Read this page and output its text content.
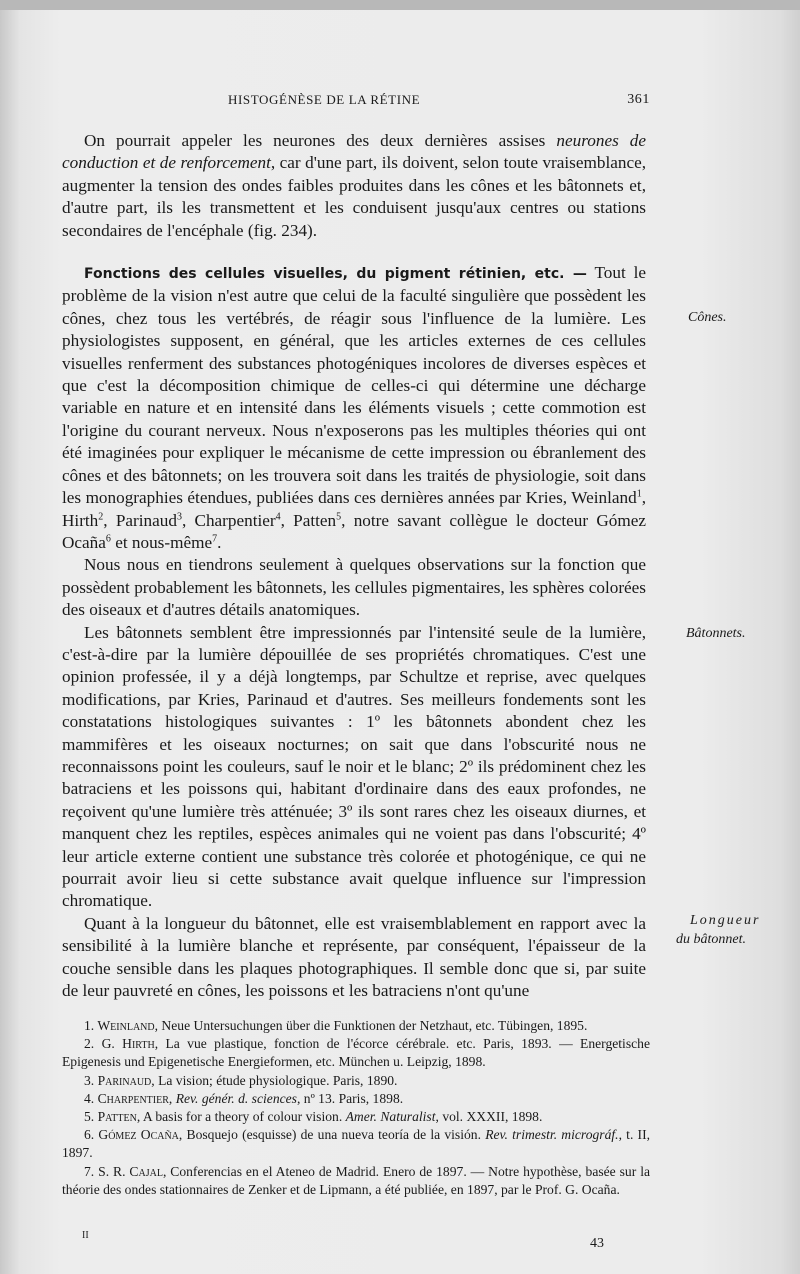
HISTOGÉNÈSE DE LA RÉTINE	361

On pourrait appeler les neurones des deux dernières assises neurones de conduction et de renforcement, car d'une part, ils doivent, selon toute vraisemblance, augmenter la tension des ondes faibles produites dans les cônes et les bâtonnets et, d'autre part, ils les transmettent et les conduisent jusqu'aux centres ou stations secondaires de l'encéphale (fig. 234).

Fonctions des cellules visuelles, du pigment rétinien, etc. — Tout le problème de la vision n'est autre que celui de la faculté singulière que possèdent les cônes, chez tous les vertébrés, de réagir sous l'influence de la lumière. Les physiologistes supposent, en général, que les articles externes de ces cellules visuelles renferment des substances photogéniques incolores de diverses espèces et que c'est la décomposition chimique de celles-ci qui détermine une décharge variable en nature et en intensité dans les éléments visuels ; cette commotion est l'origine du courant nerveux. Nous n'exposerons pas les multiples théories qui ont été imaginées pour expliquer le mécanisme de cette impression ou ébranlement des cônes et des bâtonnets; on les trouvera soit dans les traités de physiologie, soit dans les monographies étendues, publiées dans ces dernières années par Kries, Weinland$^1$, Hirth$^2$, Parinaud$^3$, Charpentier$^4$, Patten$^5$, notre savant collègue le docteur Gómez Ocaña$^6$ et nous-même$^7$.

Nous nous en tiendrons seulement à quelques observations sur la fonction que possèdent probablement les bâtonnets, les cellules pigmentaires, les sphères colorées des oiseaux et d'autres détails anatomiques.

Les bâtonnets semblent être impressionnés par l'intensité seule de la lumière, c'est-à-dire par la lumière dépouillée de ses propriétés chromatiques. C'est une opinion professée, il y a déjà longtemps, par Schultze et reprise, avec quelques modifications, par Kries, Parinaud et d'autres. Ses meilleurs fondements sont les constatations histologiques suivantes : 1º les bâtonnets abondent chez les mammifères et les oiseaux nocturnes; on sait que dans l'obscurité nous ne reconnaissons point les couleurs, sauf le noir et le blanc; 2º ils prédominent chez les batraciens et les poissons qui, habitant d'ordinaire dans des eaux profondes, ne reçoivent qu'une lumière très atténuée; 3º ils sont rares chez les oiseaux diurnes, et manquent chez les reptiles, espèces animales qui ne voient pas dans l'obscurité; 4º leur article externe contient une substance très colorée et photogénique, ce qui ne pourrait avoir lieu si cette substance avait quelque influence sur l'impression chromatique.

Quant à la longueur du bâtonnet, elle est vraisemblablement en rapport avec la sensibilité à la lumière blanche et représente, par conséquent, l'épaisseur de la couche sensible dans les plaques photographiques. Il semble donc que si, par suite de leur pauvreté en cônes, les poissons et les batraciens n'ont qu'une

Cônes.
Bâtonnets.
Longueur
du bâtonnet.

1. Weinland, Neue Untersuchungen über die Funktionen der Netzhaut, etc. Tübingen, 1895.

2. G. Hirth, La vue plastique, fonction de l'écorce cérébrale. etc. Paris, 1893. — Energetische Epigenesis und Epigenetische Energieformen, etc. München u. Leipzig, 1898.

3. Parinaud, La vision; étude physiologique. Paris, 1890.

4. Charpentier, Rev. génér. d. sciences, nº 13. Paris, 1898.

5. Patten, A basis for a theory of colour vision. Amer. Naturalist, vol. XXXII, 1898.

6. Gómez Ocaña, Bosquejo (esquisse) de una nueva teoría de la visión. Rev. trimestr. micrográf., t. II, 1897.

7. S. R. Cajal, Conferencias en el Ateneo de Madrid. Enero de 1897. — Notre hypothèse, basée sur la théorie des ondes stationnaires de Zenker et de Lipmann, a été publiée, en 1897, par le Prof. G. Ocaña.

II
43
